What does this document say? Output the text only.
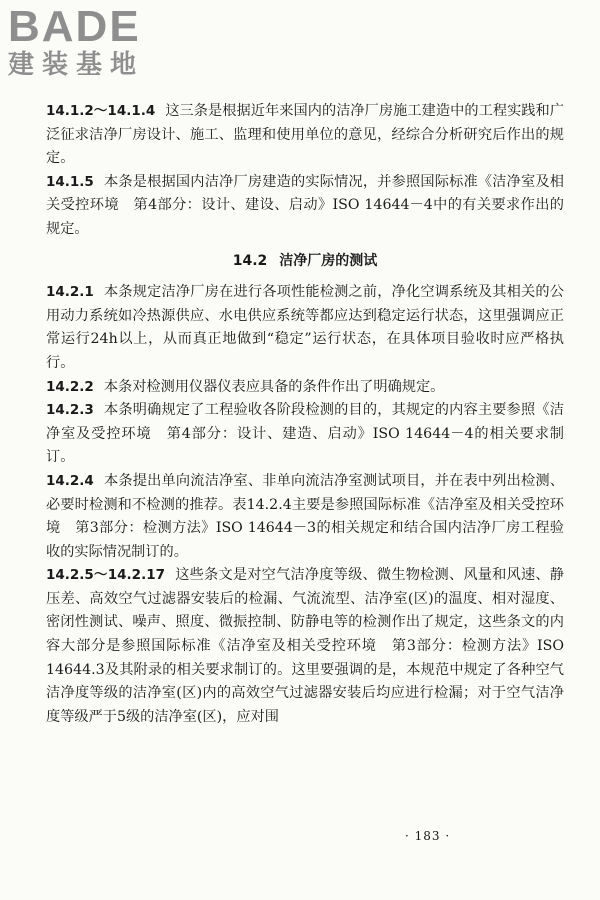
BADE
建装基地

14.1.2～14.1.4 这三条是根据近年来国内的洁净厂房施工建造中的工程实践和广泛征求洁净厂房设计、施工、监理和使用单位的意见，经综合分析研究后作出的规定。

14.1.5 本条是根据国内洁净厂房建造的实际情况，并参照国际标准《洁净室及相关受控环境　第4部分：设计、建设、启动》ISO 14644－4中的有关要求作出的规定。

14.2 洁净厂房的测试

14.2.1 本条规定洁净厂房在进行各项性能检测之前，净化空调系统及其相关的公用动力系统如冷热源供应、水电供应系统等都应达到稳定运行状态，这里强调应正常运行24h以上，从而真正地做到“稳定”运行状态，在具体项目验收时应严格执行。

14.2.2 本条对检测用仪器仪表应具备的条件作出了明确规定。

14.2.3 本条明确规定了工程验收各阶段检测的目的，其规定的内容主要参照《洁净室及受控环境　第4部分：设计、建造、启动》ISO 14644－4的相关要求制订。

14.2.4 本条提出单向流洁净室、非单向流洁净室测试项目，并在表中列出检测、必要时检测和不检测的推荐。表14.2.4主要是参照国际标准《洁净室及相关受控环境　第3部分：检测方法》ISO 14644－3的相关规定和结合国内洁净厂房工程验收的实际情况制订的。

14.2.5～14.2.17 这些条文是对空气洁净度等级、微生物检测、风量和风速、静压差、高效空气过滤器安装后的检漏、气流流型、洁净室(区)的温度、相对湿度、密闭性测试、噪声、照度、微振控制、防静电等的检测作出了规定，这些条文的内容大部分是参照国际标准《洁净室及相关受控环境　第3部分：检测方法》ISO 14644.3及其附录的相关要求制订的。这里要强调的是，本规范中规定了各种空气洁净度等级的洁净室(区)内的高效空气过滤器安装后均应进行检漏；对于空气洁净度等级严于5级的洁净室(区)，应对围

· 183 ·
